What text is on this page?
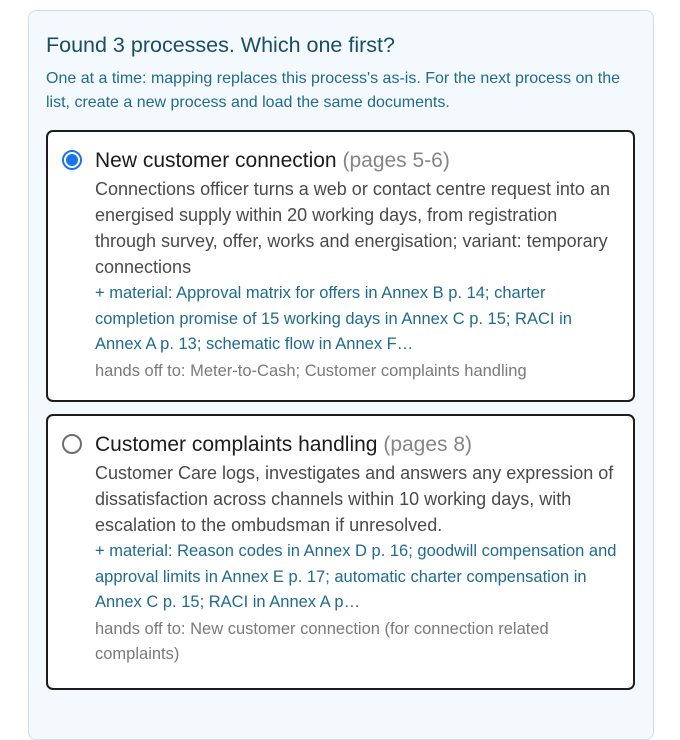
Found 3 processes. Which one first?
One at a time: mapping replaces this process's as-is. For the next process on the list, create a new process and load the same documents.
New customer connection (pages 5-6)
Connections officer turns a web or contact centre request into an energised supply within 20 working days, from registration through survey, offer, works and energisation; variant: temporary connections
+ material: Approval matrix for offers in Annex B p. 14; charter completion promise of 15 working days in Annex C p. 15; RACI in Annex A p. 13; schematic flow in Annex F…
hands off to: Meter-to-Cash; Customer complaints handling
Customer complaints handling (pages 8)
Customer Care logs, investigates and answers any expression of dissatisfaction across channels within 10 working days, with escalation to the ombudsman if unresolved.
+ material: Reason codes in Annex D p. 16; goodwill compensation and approval limits in Annex E p. 17; automatic charter compensation in Annex C p. 15; RACI in Annex A p…
hands off to: New customer connection (for connection related complaints)
